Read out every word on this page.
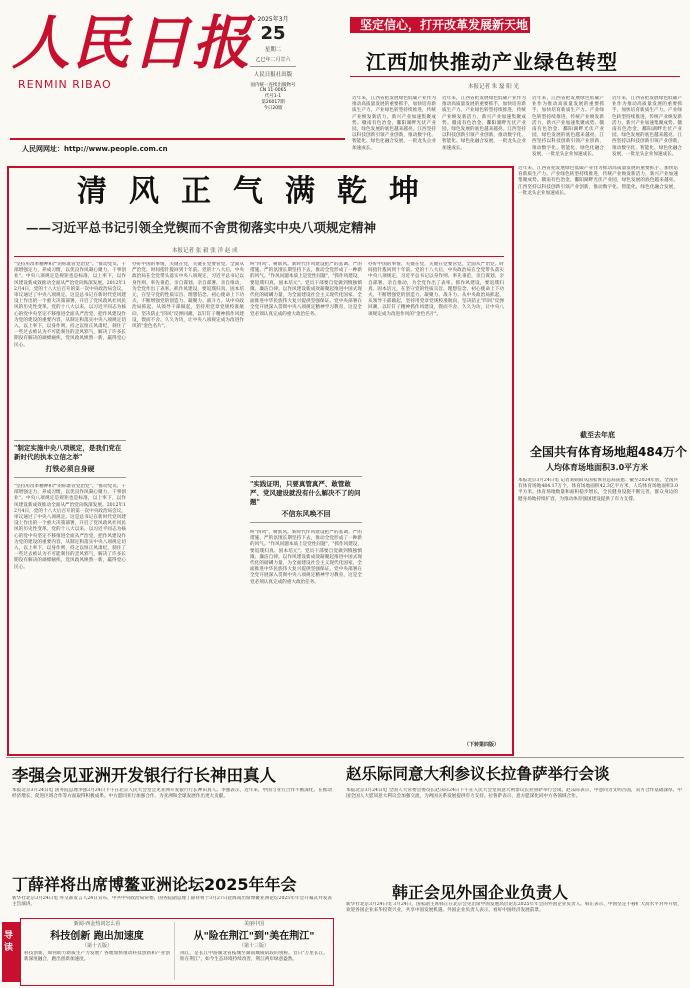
人民日报
RENMIN RIBAO
人民网网址：http://www.people.com.cn
2025年3月
25
星期二
乙巳年二月廿六
人民日报社出版
国内统一连续出版物号
CN 11-0065
代号1-1
第26017期
今日20版
坚定信心，打开改革发展新天地
江西加快推动产业绿色转型
本报记者 朱 磊 阳 光
近年来，江西省把发展绿色低碳产业作为推动高质量发展的重要抓手，加快培育新质生产力。产业绿色转型持续推进，传统产业焕发新活力，新兴产业加速集聚成势。赣南有色冶金、鄱阳湖畔光伏产业园，绿色发展的底色越来越亮。江西坚持以科技创新引领产业创新，推动数字化、智能化、绿色化融合发展，一批龙头企业加速成长。
近年来，江西省把发展绿色低碳产业作为推动高质量发展的重要抓手，加快培育新质生产力。产业绿色转型持续推进，传统产业焕发新活力，新兴产业加速集聚成势。赣南有色冶金、鄱阳湖畔光伏产业园，绿色发展的底色越来越亮。江西坚持以科技创新引领产业创新，推动数字化、智能化、绿色化融合发展，一批龙头企业加速成长。
近年来，江西省把发展绿色低碳产业作为推动高质量发展的重要抓手，加快培育新质生产力。产业绿色转型持续推进，传统产业焕发新活力，新兴产业加速集聚成势。赣南有色冶金、鄱阳湖畔光伏产业园，绿色发展的底色越来越亮。江西坚持以科技创新引领产业创新，推动数字化、智能化、绿色化融合发展，一批龙头企业加速成长。
近年来，江西省把发展绿色低碳产业作为推动高质量发展的重要抓手，加快培育新质生产力。产业绿色转型持续推进，传统产业焕发新活力，新兴产业加速集聚成势。赣南有色冶金、鄱阳湖畔光伏产业园，绿色发展的底色越来越亮。江西坚持以科技创新引领产业创新，推动数字化、智能化、绿色化融合发展，一批龙头企业加速成长。
清风正气满乾坤
——习近平总书记引领全党锲而不舍贯彻落实中央八项规定精神
本报记者 张 毅 张 洋 赵 成
"坚持用改革精神和严的标准管党治党"。"推动党员、干部增强定力，养成习惯，以优良作风凝心聚力，干事创业"。中央八项规定是规矩也是标准，以上率下，以作风建设新成效推动全面从严治党向纵深发展。2012年12月4日，党的十八大后召开的第一次中央政治局会议，审议通过了中央八项规定。这是总书记在新时代党风建设上作出的一个重大决策部署，开启了党风政风社风民风的历史性变革。党的十八大以来，以习近平同志为核心的党中央坚定不移推进全面从严治党，把作风建设作为党的建设的重要内容，从制定和落实中央八项规定切入，以上率下，以身作则，持之以恒正风肃纪，刹住了一些过去被认为不可能刹住的歪风邪气，解决了许多长期没有解决的顽瘴痼疾，党风政风焕然一新，赢得党心民心。
"制定实施中央八项规定，是我们党在新时代的执本立信之举"
打铁必须自身硬
"坚持用改革精神和严的标准管党治党"。"推动党员、干部增强定力，养成习惯，以优良作风凝心聚力，干事创业"。中央八项规定是规矩也是标准，以上率下，以作风建设新成效推动全面从严治党向纵深发展。2012年12月4日，党的十八大后召开的第一次中央政治局会议，审议通过了中央八项规定。这是总书记在新时代党风建设上作出的一个重大决策部署，开启了党风政风社风民风的历史性变革。党的十八大以来，以习近平同志为核心的党中央坚定不移推进全面从严治党，把作风建设作为党的建设的重要内容，从制定和落实中央八项规定切入，以上率下，以身作则，持之以恒正风肃纪，刹住了一些过去被认为不可能刹住的歪风邪气，解决了许多长期没有解决的顽瘴痼疾，党风政风焕然一新，赢得党心民心。
办好中国的事情，关键在党，关键在党要管党、全面从严治党。时间指针拨回到十年前。党的十八大后，中央政治局在全党带头落实中央八项规定，习近平总书记以身作则、率先垂范，亲自谋划、亲自部署、亲自推动，为全党作出了表率。抓作风建设，要返璞归真、固本培元，在坚守党的性质宗旨、理想信念、初心使命上下功夫，不断增强党的创造力、凝聚力、战斗力。从中央政治局抓起，从领导干部做起，坚持用党章党规校准航向，坚决防止"四风"反弹回潮，以钉钉子精神抓作风建设，锲而不舍、久久为功，让中央八项规定成为改进作风的"金色名片"。
纠"四风"、树新风。新时代作风建设把严的基调、严的措施、严的氛围长期坚持下去，推动全党形成了一种新的风气。"作风问题本质上是党性问题"，"抓作风建设，要返璞归真、固本培元"。党员干部要自觉做到慎独慎微、廉洁自律。以作风建设新成效凝聚起推进中国式现代化的磅礴力量，为全面建设社会主义现代化国家、全面推进中华民族伟大复兴提供坚强保证。党中央部署在全党开展深入贯彻中央八项规定精神学习教育，这是全党必须认真完成的重大政治任务。
"实践证明，只要真管真严、敢管敢严、党风建设就没有什么解决不了的问题"
不信东风唤不回
纠"四风"、树新风。新时代作风建设把严的基调、严的措施、严的氛围长期坚持下去，推动全党形成了一种新的风气。"作风问题本质上是党性问题"，"抓作风建设，要返璞归真、固本培元"。党员干部要自觉做到慎独慎微、廉洁自律。以作风建设新成效凝聚起推进中国式现代化的磅礴力量，为全面建设社会主义现代化国家、全面推进中华民族伟大复兴提供坚强保证。党中央部署在全党开展深入贯彻中央八项规定精神学习教育，这是全党必须认真完成的重大政治任务。
办好中国的事情，关键在党，关键在党要管党、全面从严治党。时间指针拨回到十年前。党的十八大后，中央政治局在全党带头落实中央八项规定，习近平总书记以身作则、率先垂范，亲自谋划、亲自部署、亲自推动，为全党作出了表率。抓作风建设，要返璞归真、固本培元，在坚守党的性质宗旨、理想信念、初心使命上下功夫，不断增强党的创造力、凝聚力、战斗力。从中央政治局抓起，从领导干部做起，坚持用党章党规校准航向，坚决防止"四风"反弹回潮，以钉钉子精神抓作风建设，锲而不舍、久久为功，让中央八项规定成为改进作风的"金色名片"。
（下转第四版）
近年来，江西省把发展绿色低碳产业作为推动高质量发展的重要抓手，加快培育新质生产力。产业绿色转型持续推进，传统产业焕发新活力，新兴产业加速集聚成势。赣南有色冶金、鄱阳湖畔光伏产业园，绿色发展的底色越来越亮。江西坚持以科技创新引领产业创新，推动数字化、智能化、绿色化融合发展，一批龙头企业加速成长。
截至去年底
全国共有体育场地超484万个
人均体育场地面积3.0平方米
本报北京3月24日电 记者刘硕阳从国家体育总局获悉：截至2024年底，全国共有体育场地484.17万个，体育场地面积42.3亿平方米，人均体育场地面积3.0平方米。体育场地数量和面积稳步增长，全民健身设施不断完善，群众身边的健身场地持续扩容，为推动体育强国建设提供了有力支撑。
李强会见亚洲开发银行行长神田真人
本报北京3月24日电 国务院总理李强3月24日下午在北京人民大会堂会见亚洲开发银行行长神田真人。李强表示，近年来，中国与亚行合作不断深化，在推动经济增长、促进区域合作等方面取得积极成果。中方愿同亚行加强合作，为亚洲和全球发展作出更大贡献。
赵乐际同意大利参议长拉鲁萨举行会谈
本报北京3月24日电 全国人大常委会委员长赵乐际24日下午在人民大会堂同意大利参议长拉鲁萨举行会谈。赵乐际表示，中意同为文明古国，双方合作基础深厚，中国全国人大愿同意大利议会加强交流，为两国关系发展提供有力支持。拉鲁萨表示，意方愿深化同中方各领域合作。
丁薛祥将出席博鳌亚洲论坛2025年年会
新华社北京3月24日电 外交部发言人24日宣布，中共中央政治局常委、国务院副总理丁薛祥将于3月27日赴海南出席博鳌亚洲论坛2025年年会开幕式并发表主旨演讲。
韩正会见外国企业负责人
新华社北京3月24日电 3月24日，国家副主席韩正在北京会见出席中国发展高层论坛2025年年会的外国企业负责人。韩正表示，中国坚定不移扩大高水平对外开放，欢迎各国企业来华投资兴业，共享中国发展机遇。外国企业负责人表示，看好中国经济发展前景。
导读
新闻·西金热词怎么看
科技创新 跑出加速度
（第十五版）
科技创新，如何助力新质生产力发展？各地加快推动科技创新和产业创新深度融合，跑出创新加速度。
美丽中国
从"险在荆江"到"美在荆江"
（第十三版）
荆江，是长江中游湖北省枝城至湖南城陵矶段的别称。昔日"万里长江，险在荆江"，如今生态环境持续改善，荆江两岸绿意盎然。
